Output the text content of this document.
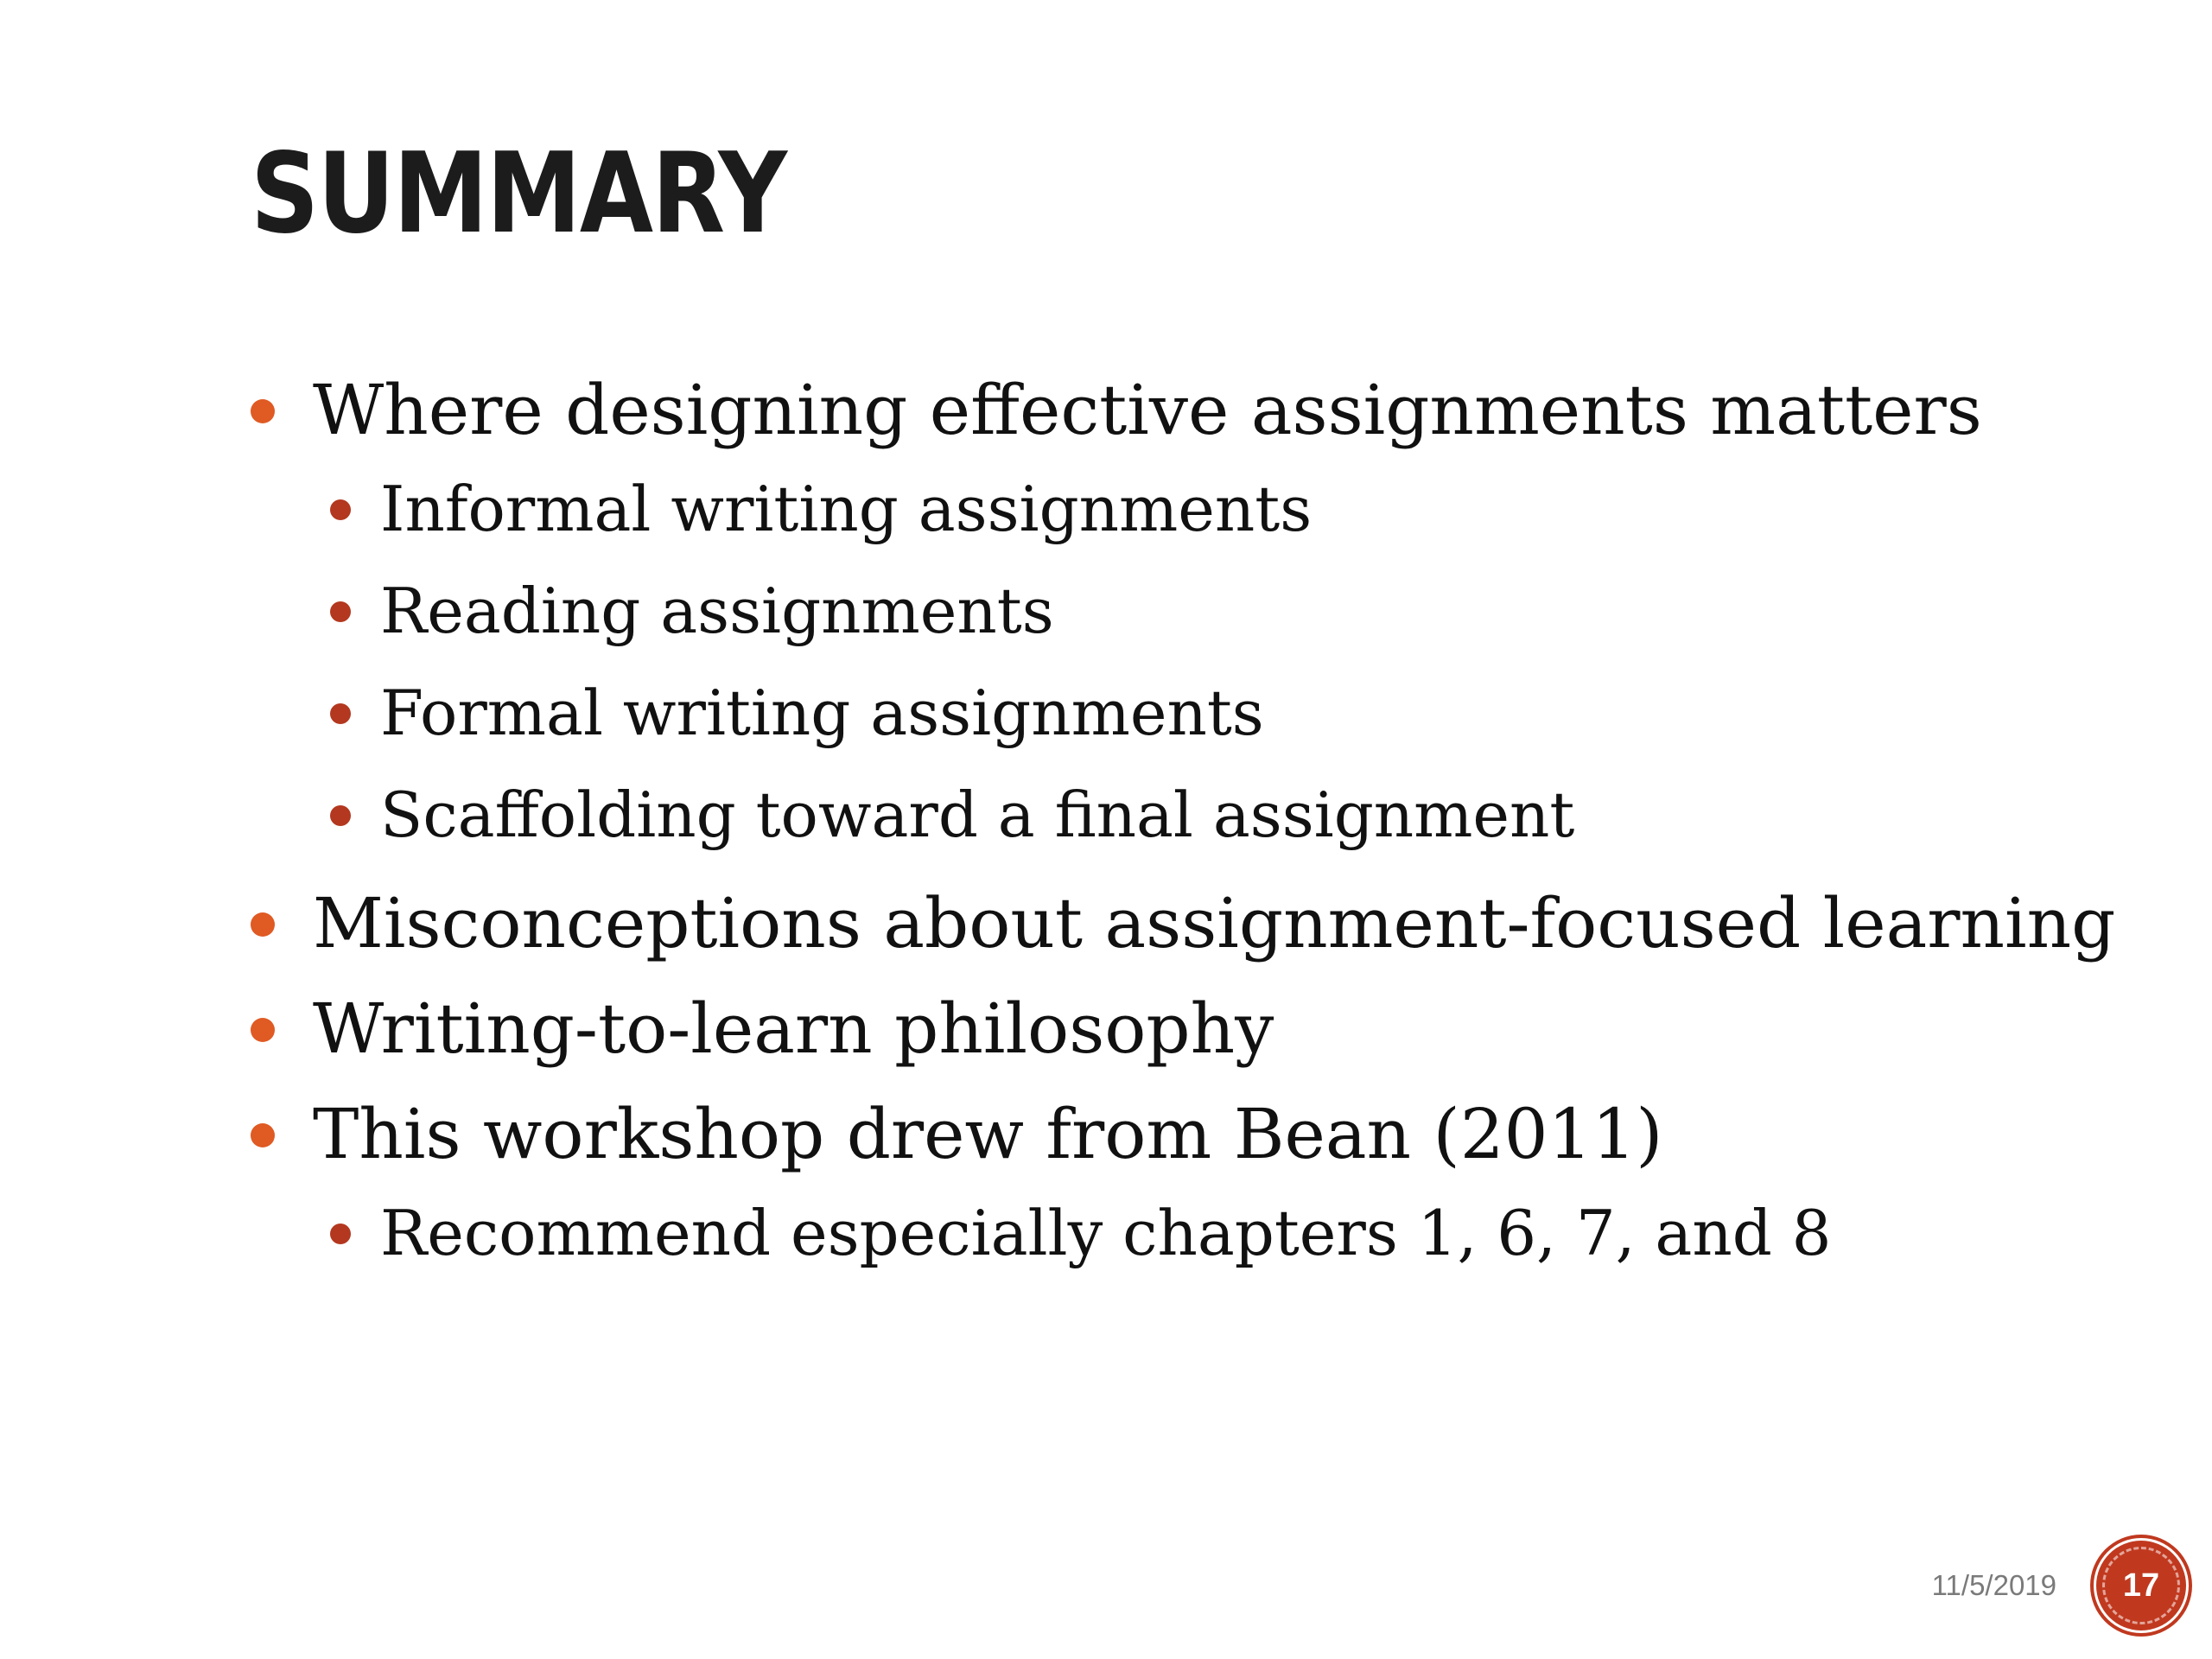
SUMMARY

Where designing effective assignments matters

Informal writing assignments

Reading assignments

Formal writing assignments

Scaffolding toward a final assignment

Misconceptions about assignment-focused learning

Writing-to-learn philosophy

This workshop drew from Bean (2011)

Recommend especially chapters 1, 6, 7, and 8

11/5/2019	17
